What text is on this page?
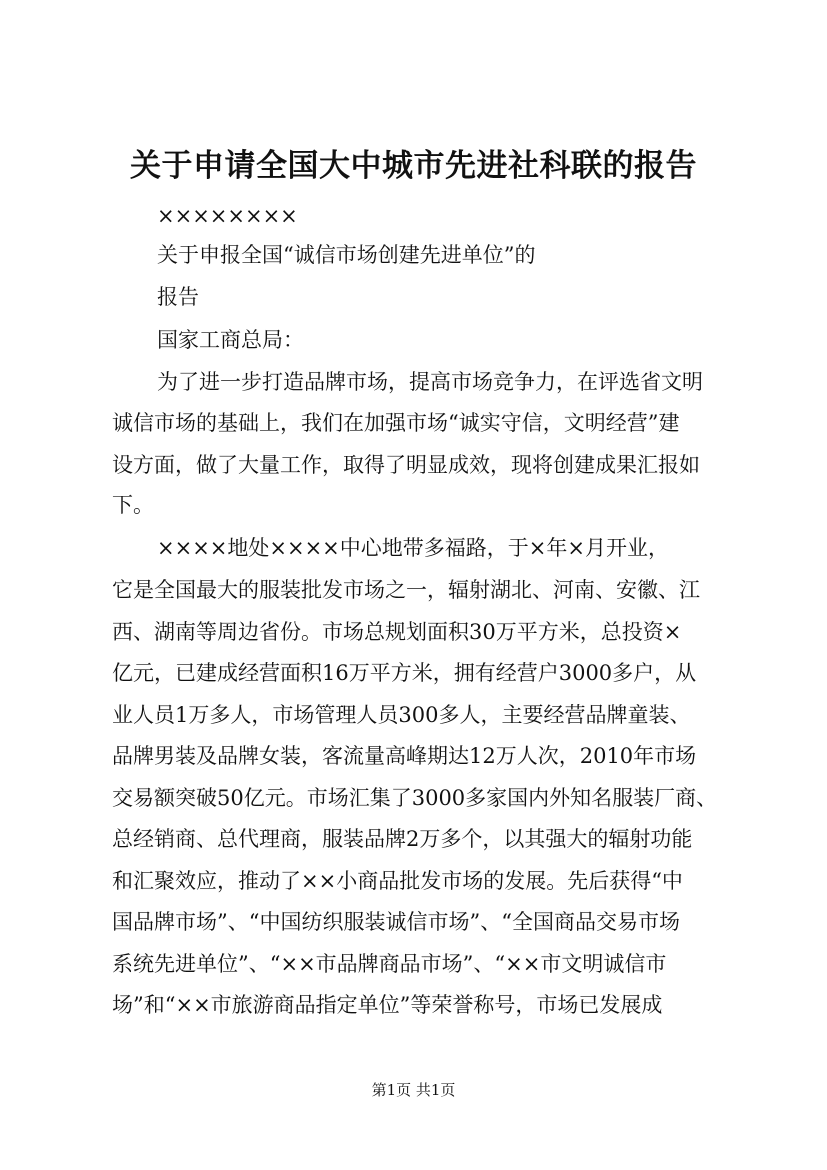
关于申请全国大中城市先进社科联的报告
××××××××
关于申报全国“诚信市场创建先进单位”的
报告
国家工商总局：
为了进一步打造品牌市场，提高市场竞争力，在评选省文明
诚信市场的基础上，我们在加强市场“诚实守信，文明经营”建
设方面，做了大量工作，取得了明显成效，现将创建成果汇报如
下。
××××地处××××中心地带多福路，于×年×月开业，
它是全国最大的服装批发市场之一，辐射湖北、河南、安徽、江
西、湖南等周边省份。市场总规划面积30万平方米，总投资×
亿元，已建成经营面积16万平方米，拥有经营户3000多户，从
业人员1万多人，市场管理人员300多人，主要经营品牌童装、
品牌男装及品牌女装，客流量高峰期达12万人次，2010年市场
交易额突破50亿元。市场汇集了3000多家国内外知名服装厂商、
总经销商、总代理商，服装品牌2万多个，以其强大的辐射功能
和汇聚效应，推动了××小商品批发市场的发展。先后获得“中
国品牌市场”、“中国纺织服装诚信市场”、“全国商品交易市场
系统先进单位”、“××市品牌商品市场”、“××市文明诚信市
场”和“××市旅游商品指定单位”等荣誉称号，市场已发展成
第1页 共1页
